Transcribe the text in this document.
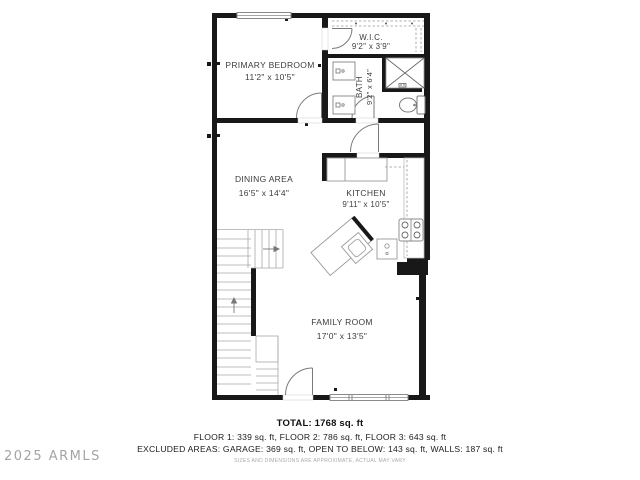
PRIMARY BEDROOM
11'2" x 10'5"
W.I.C.
9'2" x 3'9"
BATH 9'2" x 6'4"
DINING AREA
16'5" x 14'4"	KITCHEN
9'11" x 10'5"
FAMILY ROOM
17'0" x 13'5"
TOTAL: 1768 sq. ft
FLOOR 1: 339 sq. ft, FLOOR 2: 786 sq. ft, FLOOR 3: 643 sq. ft
EXCLUDED AREAS: GARAGE: 369 sq. ft, OPEN TO BELOW: 143 sq. ft, WALLS: 187 sq. ft
SIZES AND DIMENSIONS ARE APPROXIMATE, ACTUAL MAY VARY
2025 ARMLS
